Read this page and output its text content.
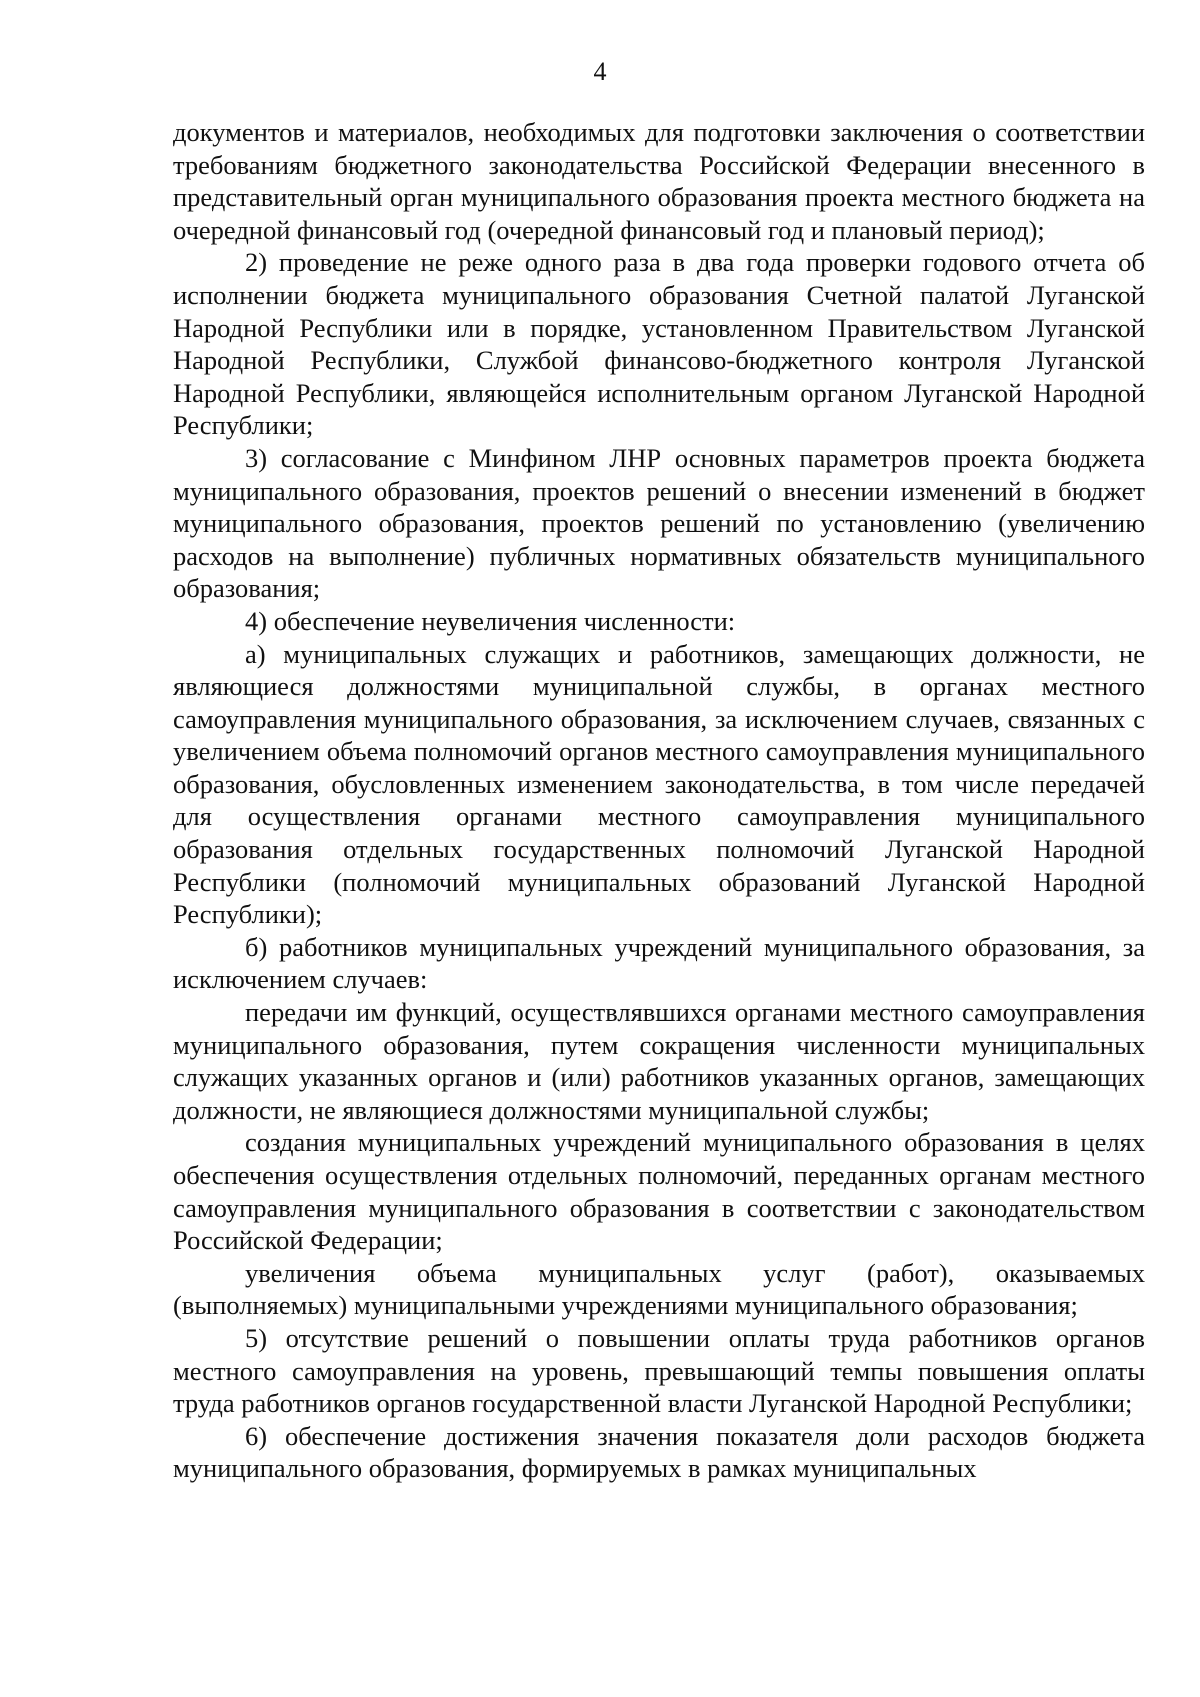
4

документов и материалов, необходимых для подготовки заключения о соответствии требованиям бюджетного законодательства Российской Федерации внесенного в представительный орган муниципального образования проекта местного бюджета на очередной финансовый год (очередной финансовый год и плановый период);

2) проведение не реже одного раза в два года проверки годового отчета об исполнении бюджета муниципального образования Счетной палатой Луганской Народной Республики или в порядке, установленном Правительством Луганской Народной Республики, Службой финансово-бюджетного контроля Луганской Народной Республики, являющейся исполнительным органом Луганской Народной Республики;

3) согласование с Минфином ЛНР основных параметров проекта бюджета муниципального образования, проектов решений о внесении изменений в бюджет муниципального образования, проектов решений по установлению (увеличению расходов на выполнение) публичных нормативных обязательств муниципального образования;

4) обеспечение неувеличения численности:

а) муниципальных служащих и работников, замещающих должности, не являющиеся должностями муниципальной службы, в органах местного самоуправления муниципального образования, за исключением случаев, связанных с увеличением объема полномочий органов местного самоуправления муниципального образования, обусловленных изменением законодательства, в том числе передачей для осуществления органами местного самоуправления муниципального образования отдельных государственных полномочий Луганской Народной Республики (полномочий муниципальных образований Луганской Народной Республики);

б) работников муниципальных учреждений муниципального образования, за исключением случаев:

передачи им функций, осуществлявшихся органами местного самоуправления муниципального образования, путем сокращения численности муниципальных служащих указанных органов и (или) работников указанных органов, замещающих должности, не являющиеся должностями муниципальной службы;

создания муниципальных учреждений муниципального образования в целях обеспечения осуществления отдельных полномочий, переданных органам местного самоуправления муниципального образования в соответствии с законодательством Российской Федерации;

увеличения объема муниципальных услуг (работ), оказываемых (выполняемых) муниципальными учреждениями муниципального образования;

5) отсутствие решений о повышении оплаты труда работников органов местного самоуправления на уровень, превышающий темпы повышения оплаты труда работников органов государственной власти Луганской Народной Республики;

6) обеспечение достижения значения показателя доли расходов бюджета муниципального образования, формируемых в рамках муниципальных
